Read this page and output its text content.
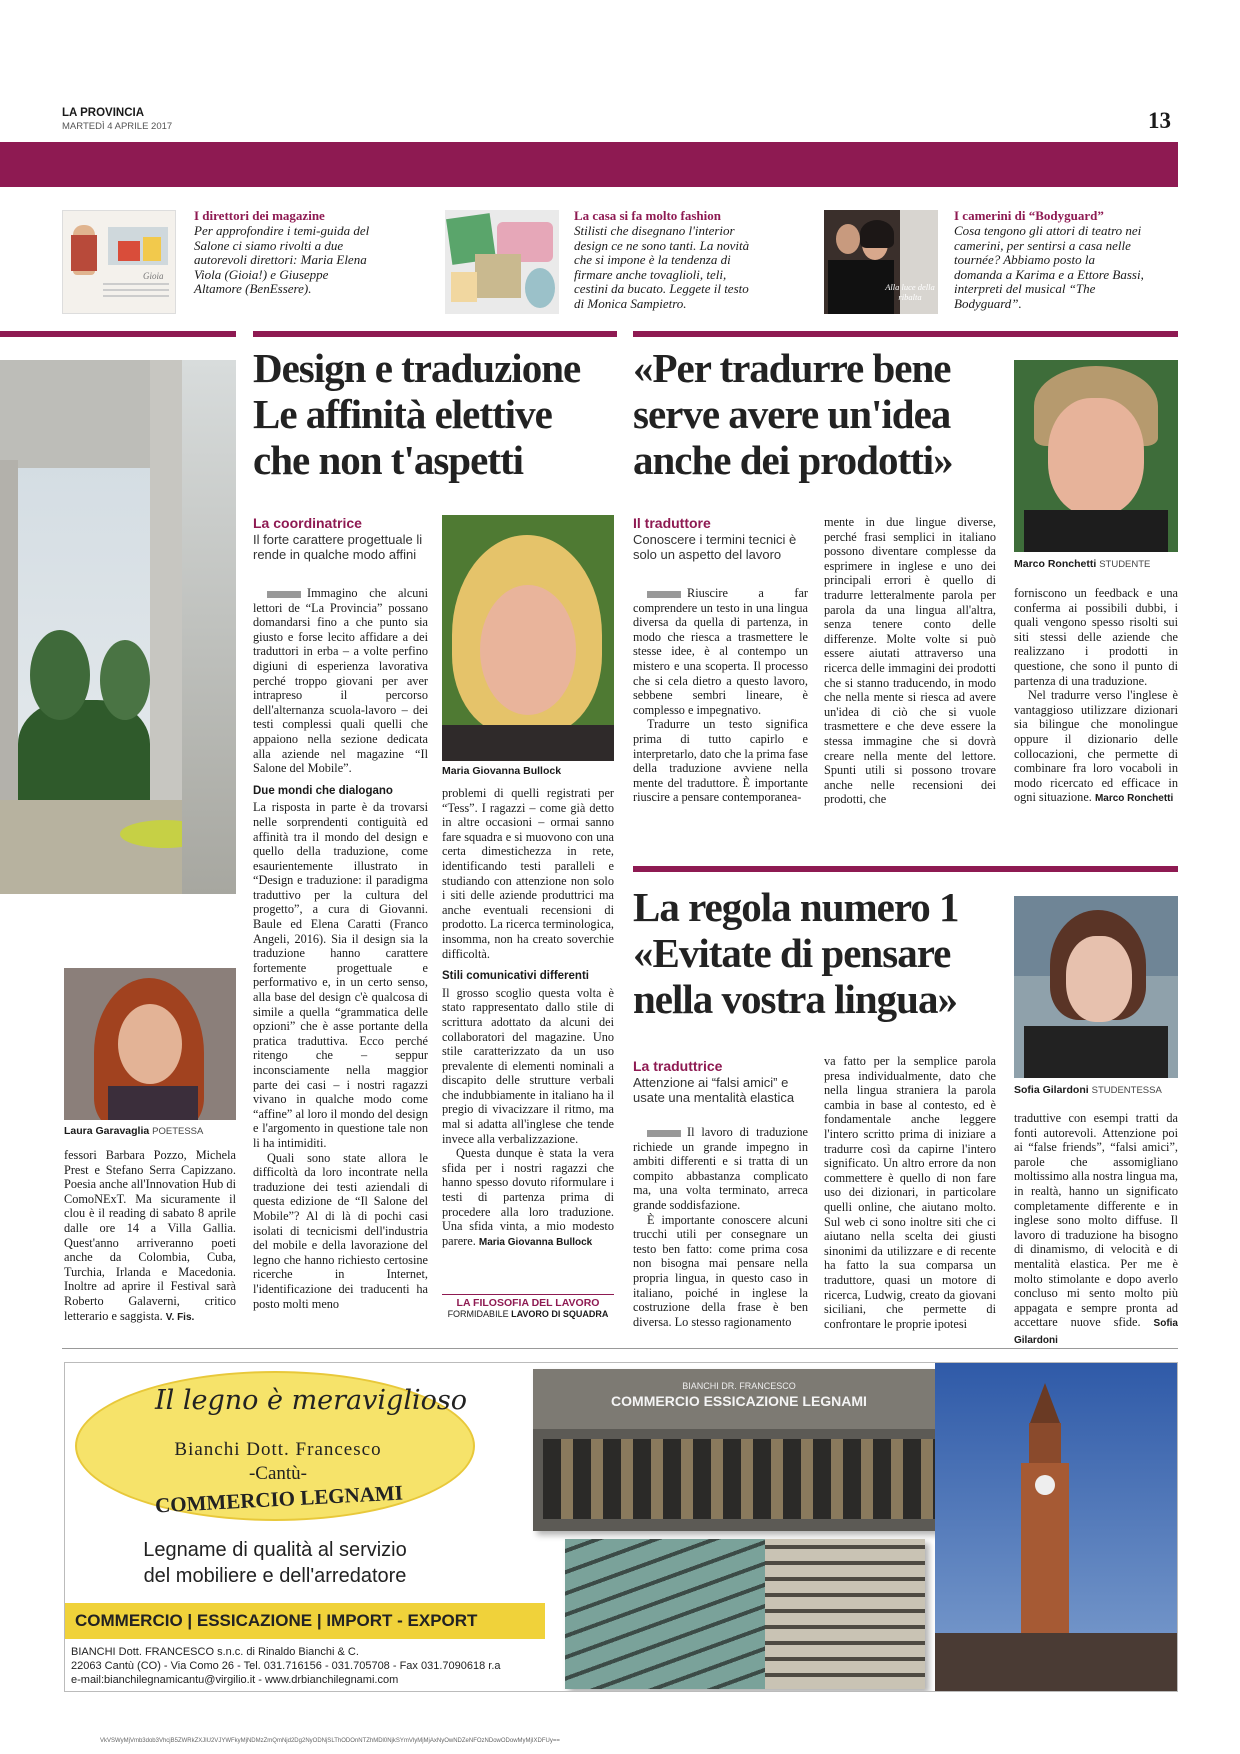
LA PROVINCIA
MARTEDÌ 4 APRILE 2017	13
Gioia
I direttori dei magazine
Per approfondire i temi-guida del Salone ci siamo rivolti a due autorevoli direttori: Maria Elena Viola (Gioia!) e Giuseppe Altamore (BenEssere).
La casa si fa molto fashion
Stilisti che disegnano l'interior design ce ne sono tanti. La novità che si impone è la tendenza di firmare anche tovaglioli, teli, cestini da bucato. Leggete il testo di Monica Sampietro.
Alla luce della ribalta
I camerini di “Bodyguard”
Cosa tengono gli attori di teatro nei camerini, per sentirsi a casa nelle tournée? Abbiamo posto la domanda a Karima e a Ettore Bassi, interpreti del musical “The Bodyguard”.
Laura Garavaglia POETESSA
fessori Barbara Pozzo, Michela Prest e Stefano Serra Capizzano. Poesia anche all'Innovation Hub di ComoNExT. Ma sicuramente il clou è il reading di sabato 8 aprile dalle ore 14 a Villa Gallia. Quest'anno arriveranno poeti anche da Colombia, Cuba, Turchia, Irlanda e Macedonia. Inoltre ad aprire il Festival sarà Roberto Galaverni, critico letterario e saggista. V. Fis.
Design e traduzione
Le affinità elettive
che non t'aspetti
La coordinatrice
Il forte carattere progettuale li rende in qualche modo affini
Maria Giovanna Bullock

Immagino che alcuni lettori de “La Provincia” possano domandarsi fino a che punto sia giusto e forse lecito affidare a dei traduttori in erba – a volte perfino digiuni di esperienza lavorativa perché troppo giovani per aver intrapreso il percorso dell'alternanza scuola-lavoro – dei testi complessi quali quelli che appaiono nella sezione dedicata alla aziende nel magazine “Il Salone del Mobile”.

Due mondi che dialogano

La risposta in parte è da trovarsi nelle sorprendenti contiguità ed affinità tra il mondo del design e quello della traduzione, come esaurientemente illustrato in “Design e traduzione: il paradigma traduttivo per la cultura del progetto”, a cura di Giovanni. Baule ed Elena Caratti (Franco Angeli, 2016). Sia il design sia la traduzione hanno carattere fortemente progettuale e performativo e, in un certo senso, alla base del design c'è qualcosa di simile a quella “grammatica delle opzioni” che è asse portante della pratica traduttiva. Ecco perché ritengo che – seppur inconsciamente nella maggior parte dei casi – i nostri ragazzi vivano in qualche modo come “affine” al loro il mondo del design e l'argomento in questione tale non li ha intimiditi.

Quali sono state allora le difficoltà da loro incontrate nella traduzione dei testi aziendali di questa edizione de “Il Salone del Mobile”? Al di là di pochi casi isolati di tecnicismi dell'industria del mobile e della lavorazione del legno che hanno richiesto certosine ricerche in Internet, l'identificazione dei traducenti ha posto molti meno

problemi di quelli registrati per “Tess”. I ragazzi – come già detto in altre occasioni – ormai sanno fare squadra e si muovono con una certa dimestichezza in rete, identificando testi paralleli e studiando con attenzione non solo i siti delle aziende produttrici ma anche eventuali recensioni di prodotto. La ricerca terminologica, insomma, non ha creato soverchie difficoltà.

Stili comunicativi differenti

Il grosso scoglio questa volta è stato rappresentato dallo stile di scrittura adottato da alcuni dei collaboratori del magazine. Uno stile caratterizzato da un uso prevalente di elementi nominali a discapito delle strutture verbali che indubbiamente in italiano ha il pregio di vivacizzare il ritmo, ma mal si adatta all'inglese che tende invece alla verbalizzazione.

Questa dunque è stata la vera sfida per i nostri ragazzi che hanno spesso dovuto riformulare i testi di partenza prima di procedere alla loro traduzione. Una sfida vinta, a mio modesto parere. Maria Giovanna Bullock

LA FILOSOFIA DEL LAVORO
FORMIDABILE LAVORO DI SQUADRA
«Per tradurre bene
serve avere un'idea
anche dei prodotti»
Marco Ronchetti STUDENTE
Il traduttore
Conoscere i termini tecnici è solo un aspetto del lavoro

Riuscire a far comprendere un testo in una lingua diversa da quella di partenza, in modo che riesca a trasmettere le stesse idee, è al contempo un mistero e una scoperta. Il processo che si cela dietro a questo lavoro, sebbene sembri lineare, è complesso e impegnativo.

Tradurre un testo significa prima di tutto capirlo e interpretarlo, dato che la prima fase della traduzione avviene nella mente del traduttore. È importante riuscire a pensare contemporanea-

mente in due lingue diverse, perché frasi semplici in italiano possono diventare complesse da esprimere in inglese e uno dei principali errori è quello di tradurre letteralmente parola per parola da una lingua all'altra, senza tenere conto delle differenze. Molte volte si può essere aiutati attraverso una ricerca delle immagini dei prodotti che si stanno traducendo, in modo che nella mente si riesca ad avere un'idea di ciò che si vuole trasmettere e che deve essere la stessa immagine che si dovrà creare nella mente del lettore. Spunti utili si possono trovare anche nelle recensioni dei prodotti, che

forniscono un feedback e una conferma ai possibili dubbi, i quali vengono spesso risolti sui siti stessi delle aziende che realizzano i prodotti in questione, che sono il punto di partenza di una traduzione.

Nel tradurre verso l'inglese è vantaggioso utilizzare dizionari sia bilingue che monolingue oppure il dizionario delle collocazioni, che permette di combinare fra loro vocaboli in modo ricercato ed efficace in ogni situazione. Marco Ronchetti

La regola numero 1
«Evitate di pensare
nella vostra lingua»
Sofia Gilardoni STUDENTESSA
La traduttrice
Attenzione ai “falsi amici” e usate una mentalità elastica

Il lavoro di traduzione richiede un grande impegno in ambiti differenti e si tratta di un compito abbastanza complicato ma, una volta terminato, arreca grande soddisfazione.

È importante conoscere alcuni trucchi utili per consegnare un testo ben fatto: come prima cosa non bisogna mai pensare nella propria lingua, in questo caso in italiano, poiché in inglese la costruzione della frase è ben diversa. Lo stesso ragionamento

va fatto per la semplice parola presa individualmente, dato che nella lingua straniera la parola cambia in base al contesto, ed è fondamentale anche leggere l'intero scritto prima di iniziare a tradurre così da capirne l'intero significato. Un altro errore da non commettere è quello di non fare uso dei dizionari, in particolare quelli online, che aiutano molto. Sul web ci sono inoltre siti che ci aiutano nella scelta dei giusti sinonimi da utilizzare e di recente ha fatto la sua comparsa un traduttore, quasi un motore di ricerca, Ludwig, creato da giovani siciliani, che permette di confrontare le proprie ipotesi

traduttive con esempi tratti da fonti autorevoli. Attenzione poi ai “false friends”, “falsi amici”, parole che assomigliano moltissimo alla nostra lingua ma, in realtà, hanno un significato completamente differente e in inglese sono molto diffuse. Il lavoro di traduzione ha bisogno di dinamismo, di velocità e di mentalità elastica. Per me è molto stimolante e dopo averlo concluso mi sento molto più appagata e sempre pronta ad accettare nuove sfide. Sofia Gilardoni

Il legno è meraviglioso
Bianchi Dott. Francesco
-Cantù-
COMMERCIO LEGNAMI
Legname di qualità al servizio
del mobiliere e dell'arredatore
COMMERCIO | ESSICAZIONE | IMPORT - EXPORT
BIANCHI Dott. FRANCESCO s.n.c. di Rinaldo Bianchi & C.
22063 Cantù (CO) - Via Como 26 - Tel. 031.716156 - 031.705708 - Fax 031.7090618 r.a
e-mail:bianchilegnamicantu@virgilio.it - www.drbianchilegnami.com
BIANCHI DR. FRANCESCO
COMMERCIO ESSICAZIONE LEGNAMI
VkVSWyMjVmb3dob3VhcjB5ZWRkZXJlU2VJYWFkyMjNDMzZmQmNjd2Dg2NyODNjSLThODOnNTZhMDl0NjkSYmVlyMjMjAxNyOwNDZeNFOzNDowODowMyMjIXDFUy==
